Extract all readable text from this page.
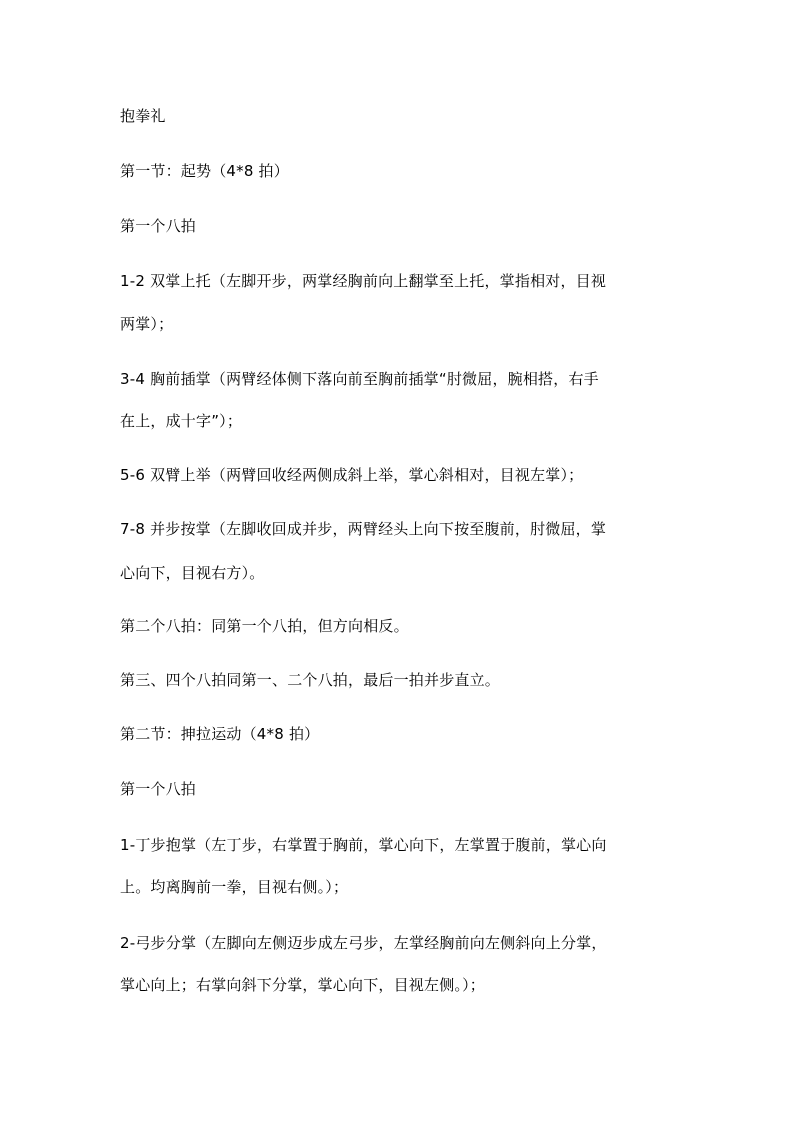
抱拳礼
第一节：起势（4*8 拍）
第一个八拍
1-2 双掌上托（左脚开步，两掌经胸前向上翻掌至上托，掌指相对，目视
两掌）；
3-4 胸前插掌（两臂经体侧下落向前至胸前插掌“肘微屈，腕相搭，右手
在上，成十字”）；
5-6 双臂上举（两臂回收经两侧成斜上举，掌心斜相对，目视左掌）；
7-8 并步按掌（左脚收回成并步，两臂经头上向下按至腹前，肘微屈，掌
心向下，目视右方）。
第二个八拍：同第一个八拍，但方向相反。
第三、四个八拍同第一、二个八拍，最后一拍并步直立。
第二节：抻拉运动（4*8 拍）
第一个八拍
1-丁步抱掌（左丁步，右掌置于胸前，掌心向下，左掌置于腹前，掌心向
上。均离胸前一拳，目视右侧。）；
2-弓步分掌（左脚向左侧迈步成左弓步，左掌经胸前向左侧斜向上分掌，
掌心向上；右掌向斜下分掌，掌心向下，目视左侧。）；
